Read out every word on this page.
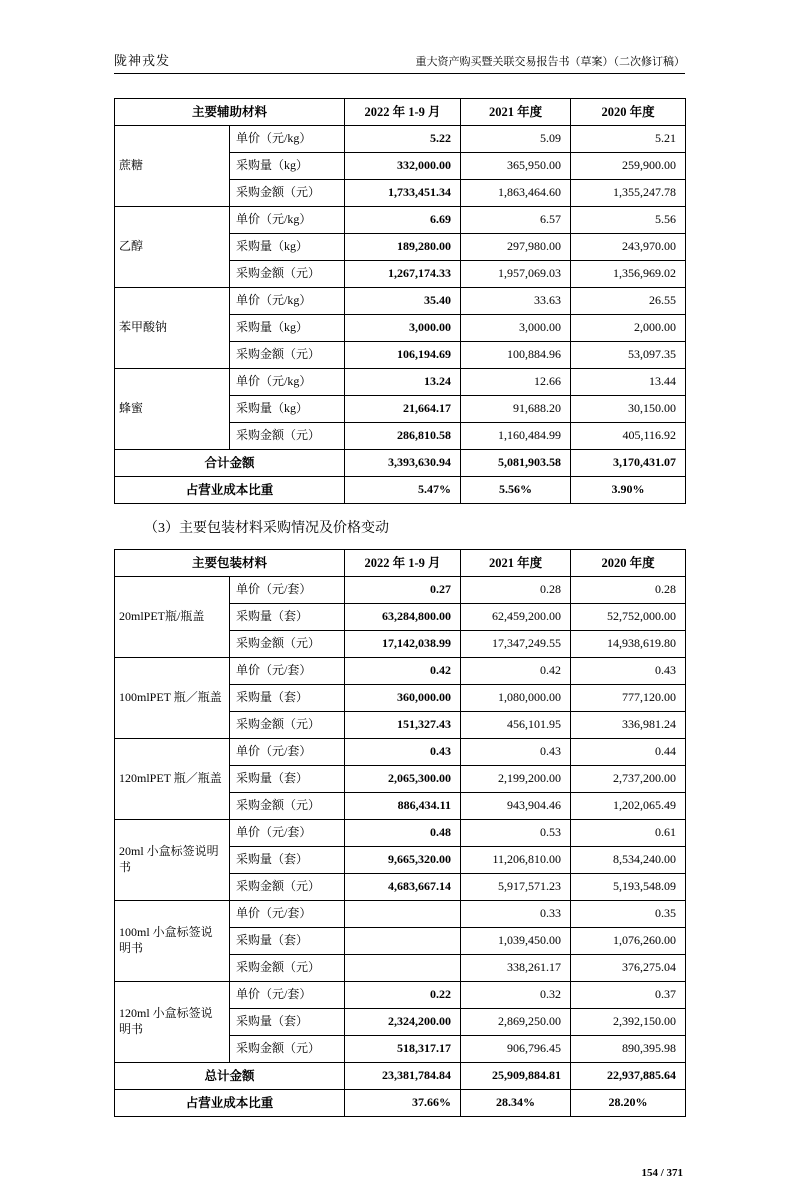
陇神戎发	重大资产购买暨关联交易报告书（草案）（二次修订稿）
主要辅助材料		2022 年 1-9 月	2021 年度	2020 年度
蔗糖	单价（元/kg）	5.22	5.09	5.21
	采购量（kg）	332,000.00	365,950.00	259,900.00
	采购金额（元）	1,733,451.34	1,863,464.60	1,355,247.78
乙醇	单价（元/kg）	6.69	6.57	5.56
	采购量（kg）	189,280.00	297,980.00	243,970.00
	采购金额（元）	1,267,174.33	1,957,069.03	1,356,969.02
苯甲酸钠	单价（元/kg）	35.40	33.63	26.55
	采购量（kg）	3,000.00	3,000.00	2,000.00
	采购金额（元）	106,194.69	100,884.96	53,097.35
蜂蜜	单价（元/kg）	13.24	12.66	13.44
	采购量（kg）	21,664.17	91,688.20	30,150.00
	采购金额（元）	286,810.58	1,160,484.99	405,116.92
合计金额		3,393,630.94	5,081,903.58	3,170,431.07
占营业成本比重		5.47%	5.56%	3.90%
（3）主要包装材料采购情况及价格变动
主要包装材料		2022 年 1-9 月	2021 年度	2020 年度
20mlPET瓶/瓶盖	单价（元/套）	0.27	0.28	0.28
	采购量（套）	63,284,800.00	62,459,200.00	52,752,000.00
	采购金额（元）	17,142,038.99	17,347,249.55	14,938,619.80
100mlPET 瓶／瓶盖	单价（元/套）	0.42	0.42	0.43
	采购量（套）	360,000.00	1,080,000.00	777,120.00
	采购金额（元）	151,327.43	456,101.95	336,981.24
120mlPET 瓶／瓶盖	单价（元/套）	0.43	0.43	0.44
	采购量（套）	2,065,300.00	2,199,200.00	2,737,200.00
	采购金额（元）	886,434.11	943,904.46	1,202,065.49
20ml 小盒标签说明书	单价（元/套）	0.48	0.53	0.61
	采购量（套）	9,665,320.00	11,206,810.00	8,534,240.00
	采购金额（元）	4,683,667.14	5,917,571.23	5,193,548.09
100ml 小盒标签说明书	单价（元/套）		0.33	0.35
	采购量（套）		1,039,450.00	1,076,260.00
	采购金额（元）		338,261.17	376,275.04
120ml 小盒标签说明书	单价（元/套）	0.22	0.32	0.37
	采购量（套）	2,324,200.00	2,869,250.00	2,392,150.00
	采购金额（元）	518,317.17	906,796.45	890,395.98
总计金额		23,381,784.84	25,909,884.81	22,937,885.64
占营业成本比重		37.66%	28.34%	28.20%
154 / 371
